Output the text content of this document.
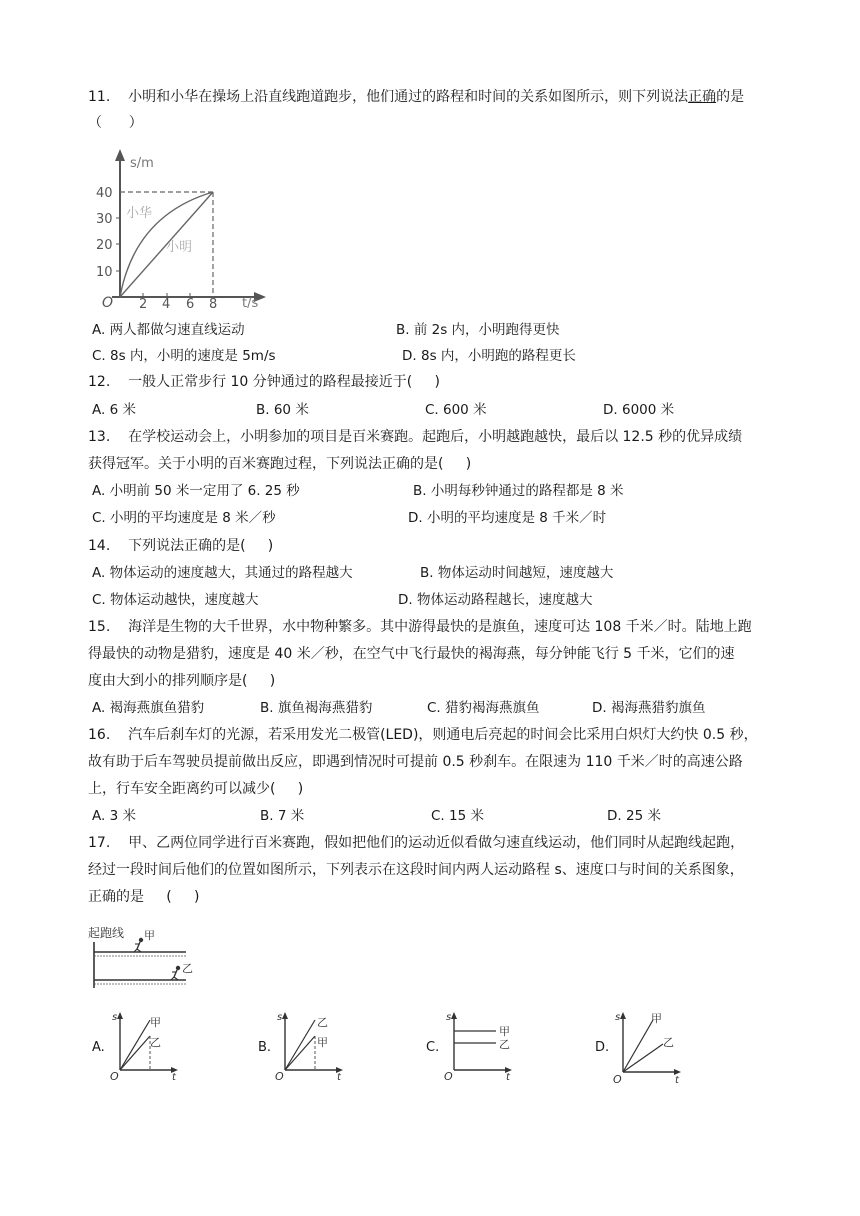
11.    小明和小华在操场上沿直线跑道跑步，他们通过的路程和时间的关系如图所示，则下列说法正确的是
（      ）
s/m
t/s
O
40
30
20
10
2 4 6 8
小华
小明
A. 两人都做匀速直线运动	B. 前 2s 内，小明跑得更快
C. 8s 内，小明的速度是 5m/s	D. 8s 内，小明跑的路程更长
12.    一般人正常步行 10 分钟通过的路程最接近于(     )
A. 6 米	B. 60 米	C. 600 米	D. 6000 米
13.    在学校运动会上，小明参加的项目是百米赛跑。起跑后，小明越跑越快，最后以 12.5 秒的优异成绩
获得冠军。关于小明的百米赛跑过程，下列说法正确的是(     )
A. 小明前 50 米一定用了 6. 25 秒	B. 小明每秒钟通过的路程都是 8 米
C. 小明的平均速度是 8 米／秒	D. 小明的平均速度是 8 千米／时
14.    下列说法正确的是(     )
A. 物体运动的速度越大，其通过的路程越大	B. 物体运动时间越短，速度越大
C. 物体运动越快，速度越大	D. 物体运动路程越长，速度越大
15.    海洋是生物的大千世界，水中物种繁多。其中游得最快的是旗鱼，速度可达 108 千米／时。陆地上跑
得最快的动物是猎豹，速度是 40 米／秒，在空气中飞行最快的褐海燕，每分钟能飞行 5 千米，它们的速
度由大到小的排列顺序是(     )
A. 褐海燕旗鱼猎豹	B. 旗鱼褐海燕猎豹	C. 猎豹褐海燕旗鱼	D. 褐海燕猎豹旗鱼
16.    汽车后刹车灯的光源，若采用发光二极管(LED)，则通电后亮起的时间会比采用白炽灯大约快 0.5 秒，
故有助于后车驾驶员提前做出反应，即遇到情况时可提前 0.5 秒刹车。在限速为 110 千米／时的高速公路
上，行车安全距离约可以减少(     )
A. 3 米	B. 7 米	C. 15 米	D. 25 米
17.    甲、乙两位同学进行百米赛跑，假如把他们的运动近似看做匀速直线运动，他们同时从起跑线起跑，
经过一段时间后他们的位置如图所示，下列表示在这段时间内两人运动路程 s、速度口与时间的关系图象，
正确的是     (     )
起跑线 甲
乙
A.
s
t
O
甲
乙	B.
s
t
O
乙
甲	C.
s
t
O
甲
乙	D.
s
t
O
甲
乙
